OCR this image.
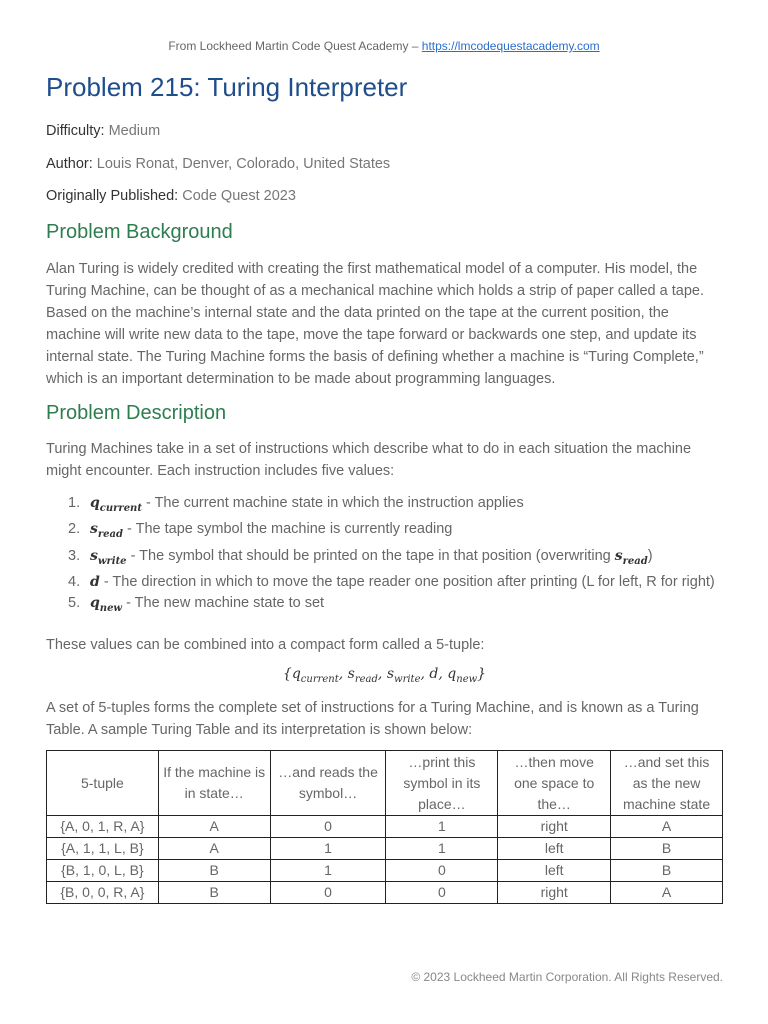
From Lockheed Martin Code Quest Academy – https://lmcodequestacademy.com
Problem 215: Turing Interpreter
Difficulty: Medium
Author: Louis Ronat, Denver, Colorado, United States
Originally Published: Code Quest 2023
Problem Background

Alan Turing is widely credited with creating the first mathematical model of a computer. His model, the Turing Machine, can be thought of as a mechanical machine which holds a strip of paper called a tape. Based on the machine’s internal state and the data printed on the tape at the current position, the machine will write new data to the tape, move the tape forward or backwards one step, and update its internal state. The Turing Machine forms the basis of defining whether a machine is “Turing Complete,” which is an important determination to be made about programming languages.

Problem Description

Turing Machines take in a set of instructions which describe what to do in each situation the machine might encounter. Each instruction includes five values:

1. $q_{current}$ - The current machine state in which the instruction applies
2. $s_{read}$ - The tape symbol the machine is currently reading
3. $s_{write}$ - The symbol that should be printed on the tape in that position (overwriting $s_{read}$)
4. d - The direction in which to move the tape reader one position after printing (L for left, R for right)
5. $q_{new}$ - The new machine state to set

These values can be combined into a compact form called a 5-tuple:

{$q_{current}$, $s_{read}$, $s_{write}$, d, $q_{new}$}

A set of 5-tuples forms the complete set of instructions for a Turing Machine, and is known as a Turing Table. A sample Turing Table and its interpretation is shown below:

5-tuple	If the machine is in state…	…and reads the symbol…	…print this symbol in its place…	…then move one space to the…	…and set this as the new machine state
{A, 0, 1, R, A}	A	0	1	right	A
{A, 1, 1, L, B}	A	1	1	left	B
{B, 1, 0, L, B}	B	1	0	left	B
{B, 0, 0, R, A}	B	0	0	right	A
© 2023 Lockheed Martin Corporation. All Rights Reserved.
